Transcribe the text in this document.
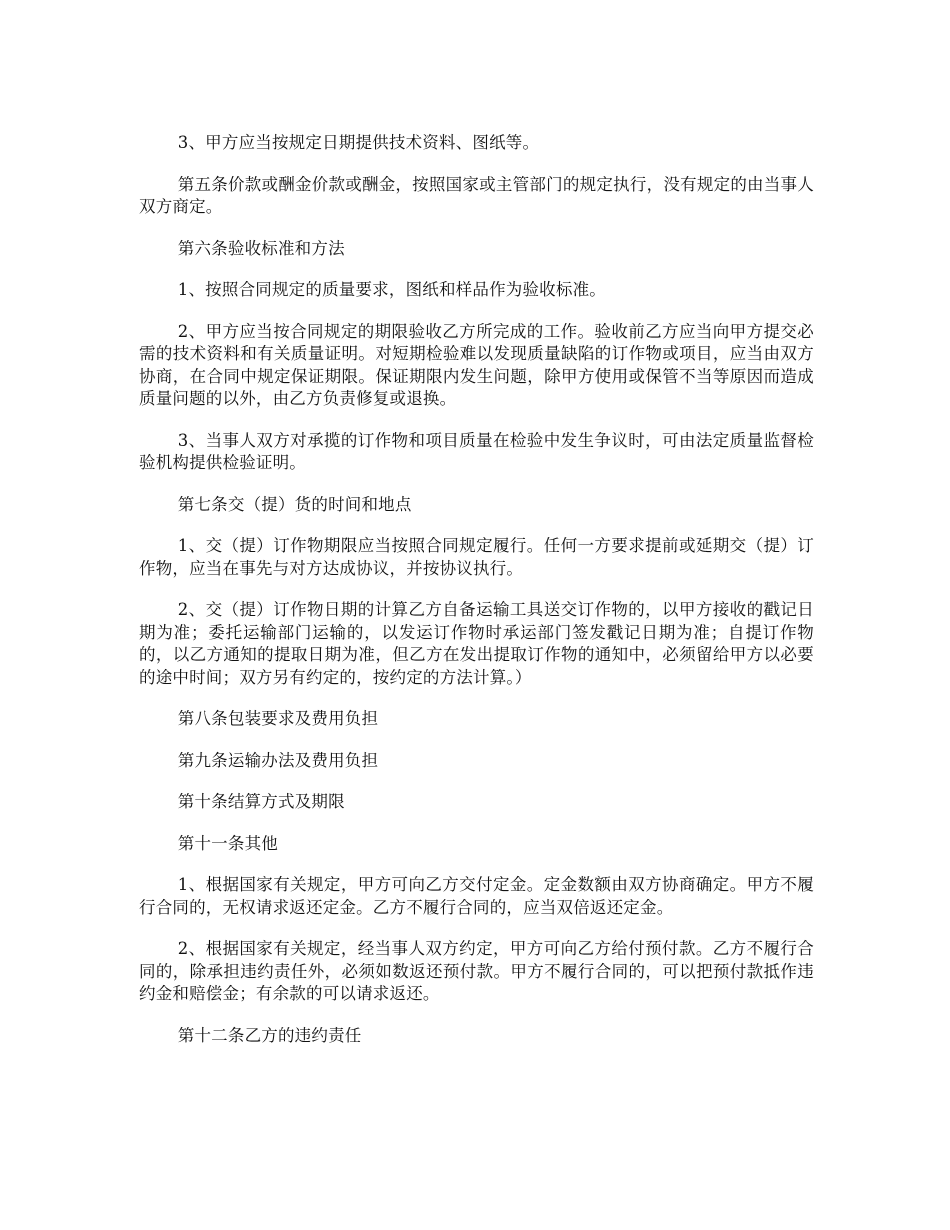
3、甲方应当按规定日期提供技术资料、图纸等。

第五条价款或酬金价款或酬金，按照国家或主管部门的规定执行，没有规定的由当事人双方商定。

第六条验收标准和方法

1、按照合同规定的质量要求，图纸和样品作为验收标准。

2、甲方应当按合同规定的期限验收乙方所完成的工作。验收前乙方应当向甲方提交必需的技术资料和有关质量证明。对短期检验难以发现质量缺陷的订作物或项目，应当由双方协商，在合同中规定保证期限。保证期限内发生问题，除甲方使用或保管不当等原因而造成质量问题的以外，由乙方负责修复或退换。

3、当事人双方对承揽的订作物和项目质量在检验中发生争议时，可由法定质量监督检验机构提供检验证明。

第七条交（提）货的时间和地点

1、交（提）订作物期限应当按照合同规定履行。任何一方要求提前或延期交（提）订作物，应当在事先与对方达成协议，并按协议执行。

2、交（提）订作物日期的计算乙方自备运输工具送交订作物的，以甲方接收的戳记日期为准；委托运输部门运输的，以发运订作物时承运部门签发戳记日期为准；自提订作物的，以乙方通知的提取日期为准，但乙方在发出提取订作物的通知中，必须留给甲方以必要的途中时间；双方另有约定的，按约定的方法计算。）

第八条包装要求及费用负担

第九条运输办法及费用负担

第十条结算方式及期限

第十一条其他

1、根据国家有关规定，甲方可向乙方交付定金。定金数额由双方协商确定。甲方不履行合同的，无权请求返还定金。乙方不履行合同的，应当双倍返还定金。

2、根据国家有关规定，经当事人双方约定，甲方可向乙方给付预付款。乙方不履行合同的，除承担违约责任外，必须如数返还预付款。甲方不履行合同的，可以把预付款抵作违约金和赔偿金；有余款的可以请求返还。

第十二条乙方的违约责任
